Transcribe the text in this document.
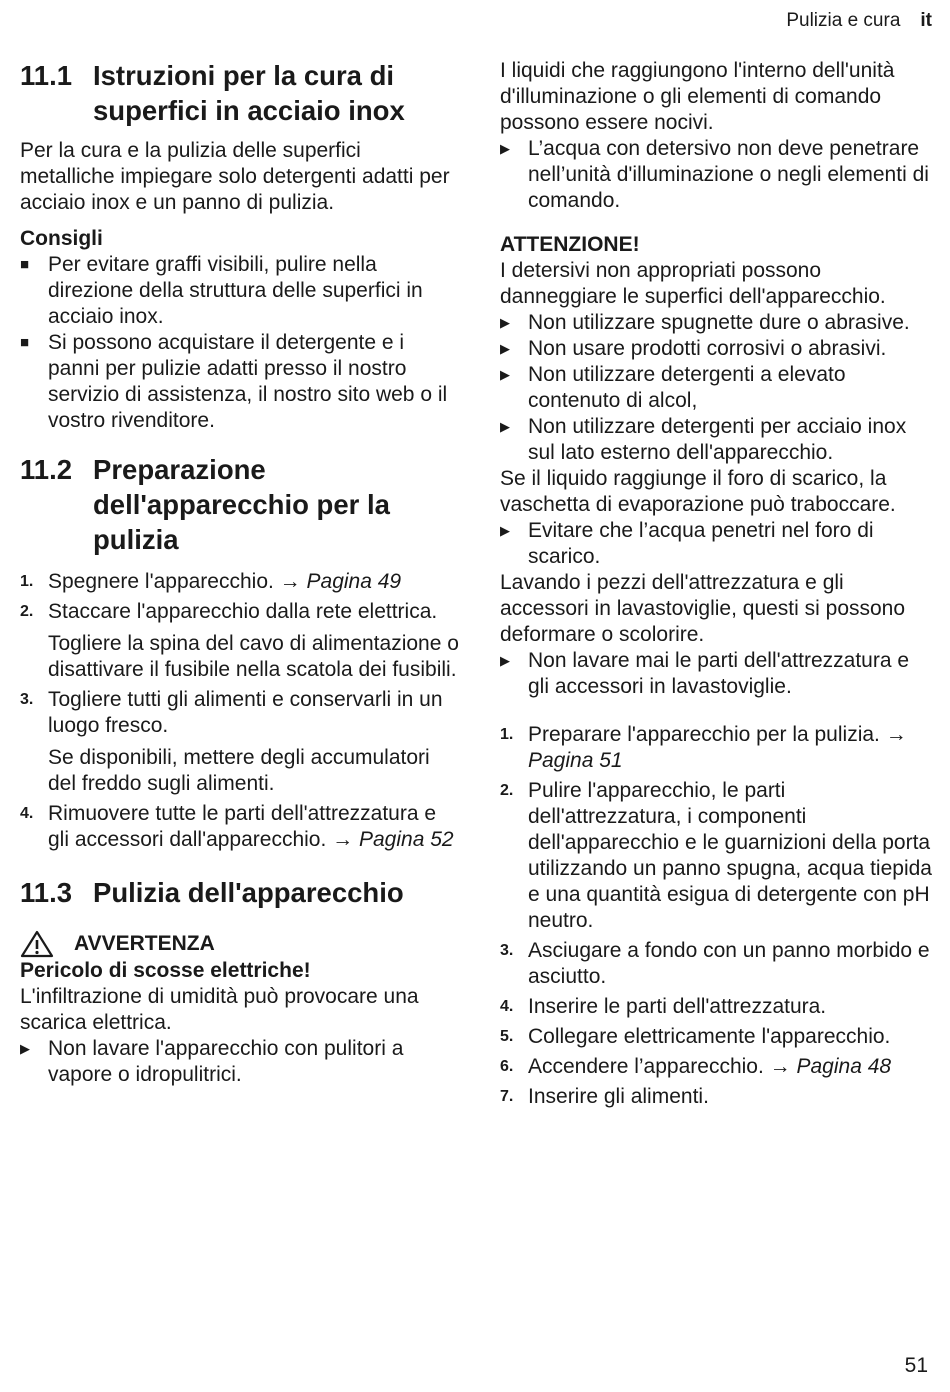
Pulizia e cura it
11.1 Istruzioni per la cura di superfici in acciaio inox

Per la cura e la pulizia delle superfici metalliche impiegare solo detergenti adatti per acciaio inox e un panno di pulizia.

Consigli

■ Per evitare graffi visibili, pulire nella direzione della struttura delle superfici in acciaio inox.
■ Si possono acquistare il detergente e i panni per pulizie adatti presso il nostro servizio di assistenza, il nostro sito web o il vostro rivenditore.
11.2 Preparazione dell'apparecchio per la pulizia
1. Spegnere l'apparecchio. → Pagina 49
2. Staccare l'apparecchio dalla rete elettrica.

Togliere la spina del cavo di alimentazione o disattivare il fusibile nella scatola dei fusibili.

3. Togliere tutti gli alimenti e conservarli in un luogo fresco.

Se disponibili, mettere degli accumulatori del freddo sugli alimenti.

4. Rimuovere tutte le parti dell'attrezzatura e gli accessori dall'apparecchio. → Pagina 52
11.3 Pulizia dell'apparecchio
AVVERTENZA

Pericolo di scosse elettriche!

L'infiltrazione di umidità può provocare una scarica elettrica.

▶ Non lavare l'apparecchio con pulitori a vapore o idropulitrici.

I liquidi che raggiungono l'interno dell'unità d'illuminazione o gli elementi di comando possono essere nocivi.

▶ L’acqua con detersivo non deve penetrare nell’unità d'illuminazione o negli elementi di comando.

ATTENZIONE!

I detersivi non appropriati possono danneggiare le superfici dell'apparecchio.

▶ Non utilizzare spugnette dure o abrasive.
▶ Non usare prodotti corrosivi o abrasivi.
▶ Non utilizzare detergenti a elevato contenuto di alcol,
▶ Non utilizzare detergenti per acciaio inox sul lato esterno dell'apparecchio.

Se il liquido raggiunge il foro di scarico, la vaschetta di evaporazione può traboccare.

▶ Evitare che l’acqua penetri nel foro di scarico.

Lavando i pezzi dell'attrezzatura e gli accessori in lavastoviglie, questi si possono deformare o scolorire.

▶ Non lavare mai le parti dell'attrezzatura e gli accessori in lavastoviglie.
1. Preparare l'apparecchio per la pulizia. → Pagina 51
2. Pulire l'apparecchio, le parti dell'attrezzatura, i componenti dell'apparecchio e le guarnizioni della porta utilizzando un panno spugna, acqua tiepida e una quantità esigua di detergente con pH neutro.
3. Asciugare a fondo con un panno morbido e asciutto.
4. Inserire le parti dell'attrezzatura.
5. Collegare elettricamente l'apparecchio.
6. Accendere l’apparecchio. → Pagina 48
7. Inserire gli alimenti.
51
